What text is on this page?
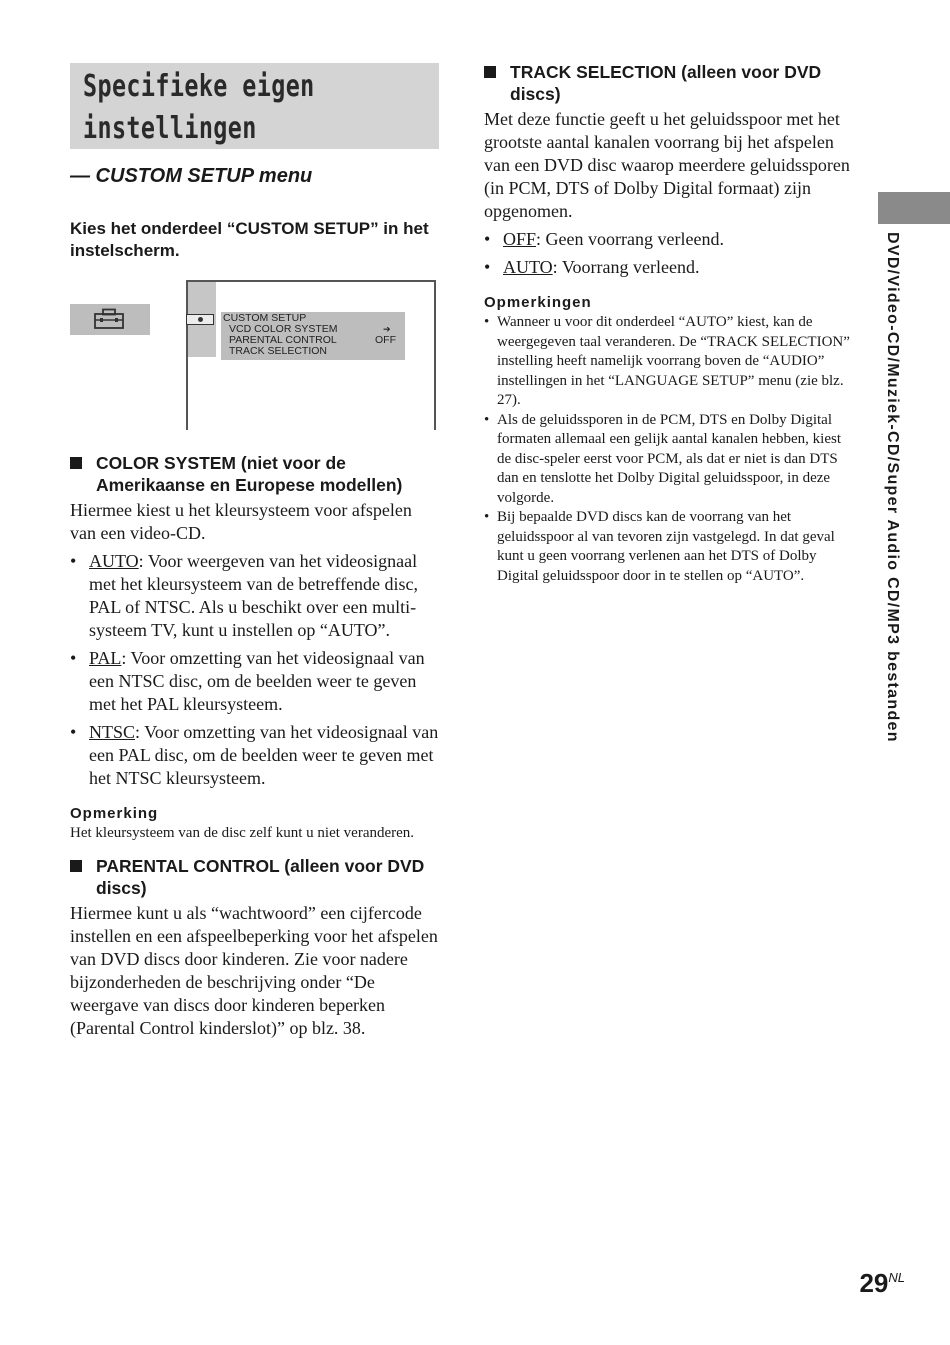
Specifieke eigen
instellingen
— CUSTOM SETUP menu
Kies het onderdeel “CUSTOM SETUP” in het instelscherm.
CUSTOM SETUP
VCD COLOR SYSTEM
PARENTAL CONTROL
TRACK SELECTION
➔
OFF
COLOR SYSTEM (niet voor de Amerikaanse en Europese modellen)
Hiermee kiest u het kleursysteem voor afspelen van een video-CD.
• AUTO: Voor weergeven van het videosignaal met het kleursysteem van de betreffende disc, PAL of NTSC. Als u beschikt over een multi-systeem TV, kunt u instellen op “AUTO”.
• PAL: Voor omzetting van het videosignaal van een NTSC disc, om de beelden weer te geven met het PAL kleursysteem.
• NTSC: Voor omzetting van het videosignaal van een PAL disc, om de beelden weer te geven met het NTSC kleursysteem.
Opmerking
Het kleursysteem van de disc zelf kunt u niet veranderen.
PARENTAL CONTROL (alleen voor DVD discs)
Hiermee kunt u als “wachtwoord” een cijfercode instellen en een afspeelbeperking voor het afspelen van DVD discs door kinderen. Zie voor nadere bijzonderheden de beschrijving onder “De weergave van discs door kinderen beperken (Parental Control kinderslot)” op blz. 38.
TRACK SELECTION (alleen voor DVD discs)
Met deze functie geeft u het geluidsspoor met het grootste aantal kanalen voorrang bij het afspelen van een DVD disc waarop meerdere geluidssporen (in PCM, DTS of Dolby Digital formaat) zijn opgenomen.
• OFF: Geen voorrang verleend.
• AUTO: Voorrang verleend.
Opmerkingen
• Wanneer u voor dit onderdeel “AUTO” kiest, kan de weergegeven taal veranderen. De “TRACK SELECTION” instelling heeft namelijk voorrang boven de “AUDIO” instellingen in het “LANGUAGE SETUP” menu (zie blz. 27).
• Als de geluidssporen in de PCM, DTS en Dolby Digital formaten allemaal een gelijk aantal kanalen hebben, kiest de disc-speler eerst voor PCM, als dat er niet is dan DTS dan en tenslotte het Dolby Digital geluidsspoor, in deze volgorde.
• Bij bepaalde DVD discs kan de voorrang van het geluidsspoor al van tevoren zijn vastgelegd. In dat geval kunt u geen voorrang verlenen aan het DTS of Dolby Digital geluidsspoor door in te stellen op “AUTO”.	DVD/Video-CD/Muziek-CD/Super Audio CD/MP3 bestanden
$29^{NL}$
